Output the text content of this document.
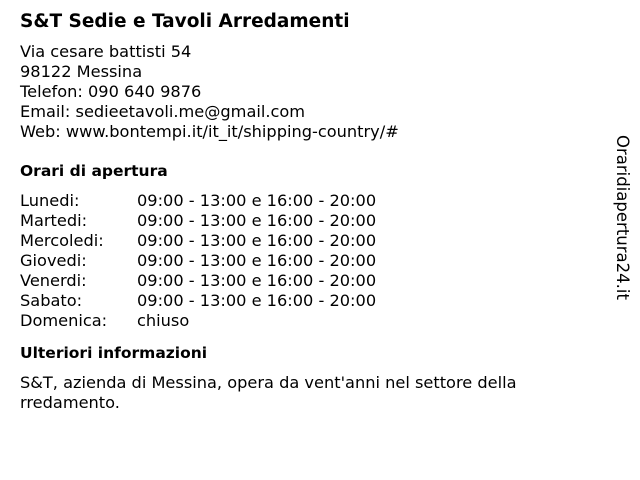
S&T Sedie e Tavoli Arredamenti
Via cesare battisti 54
98122 Messina
Telefon: 090 640 9876
Email: sedieetavoli.me@gmail.com
Web: www.bontempi.it/it_it/shipping-country/#
Orari di apertura
Lunedi:	09:00 - 13:00 e 16:00 - 20:00
Martedi:	09:00 - 13:00 e 16:00 - 20:00
Mercoledi:	09:00 - 13:00 e 16:00 - 20:00
Giovedi:	09:00 - 13:00 e 16:00 - 20:00
Venerdi:	09:00 - 13:00 e 16:00 - 20:00
Sabato:	09:00 - 13:00 e 16:00 - 20:00
Domenica:	chiuso
Ulteriori informazioni
S&T, azienda di Messina, opera da vent'anni nel settore della rredamento.
Oraridiapertura24.it
